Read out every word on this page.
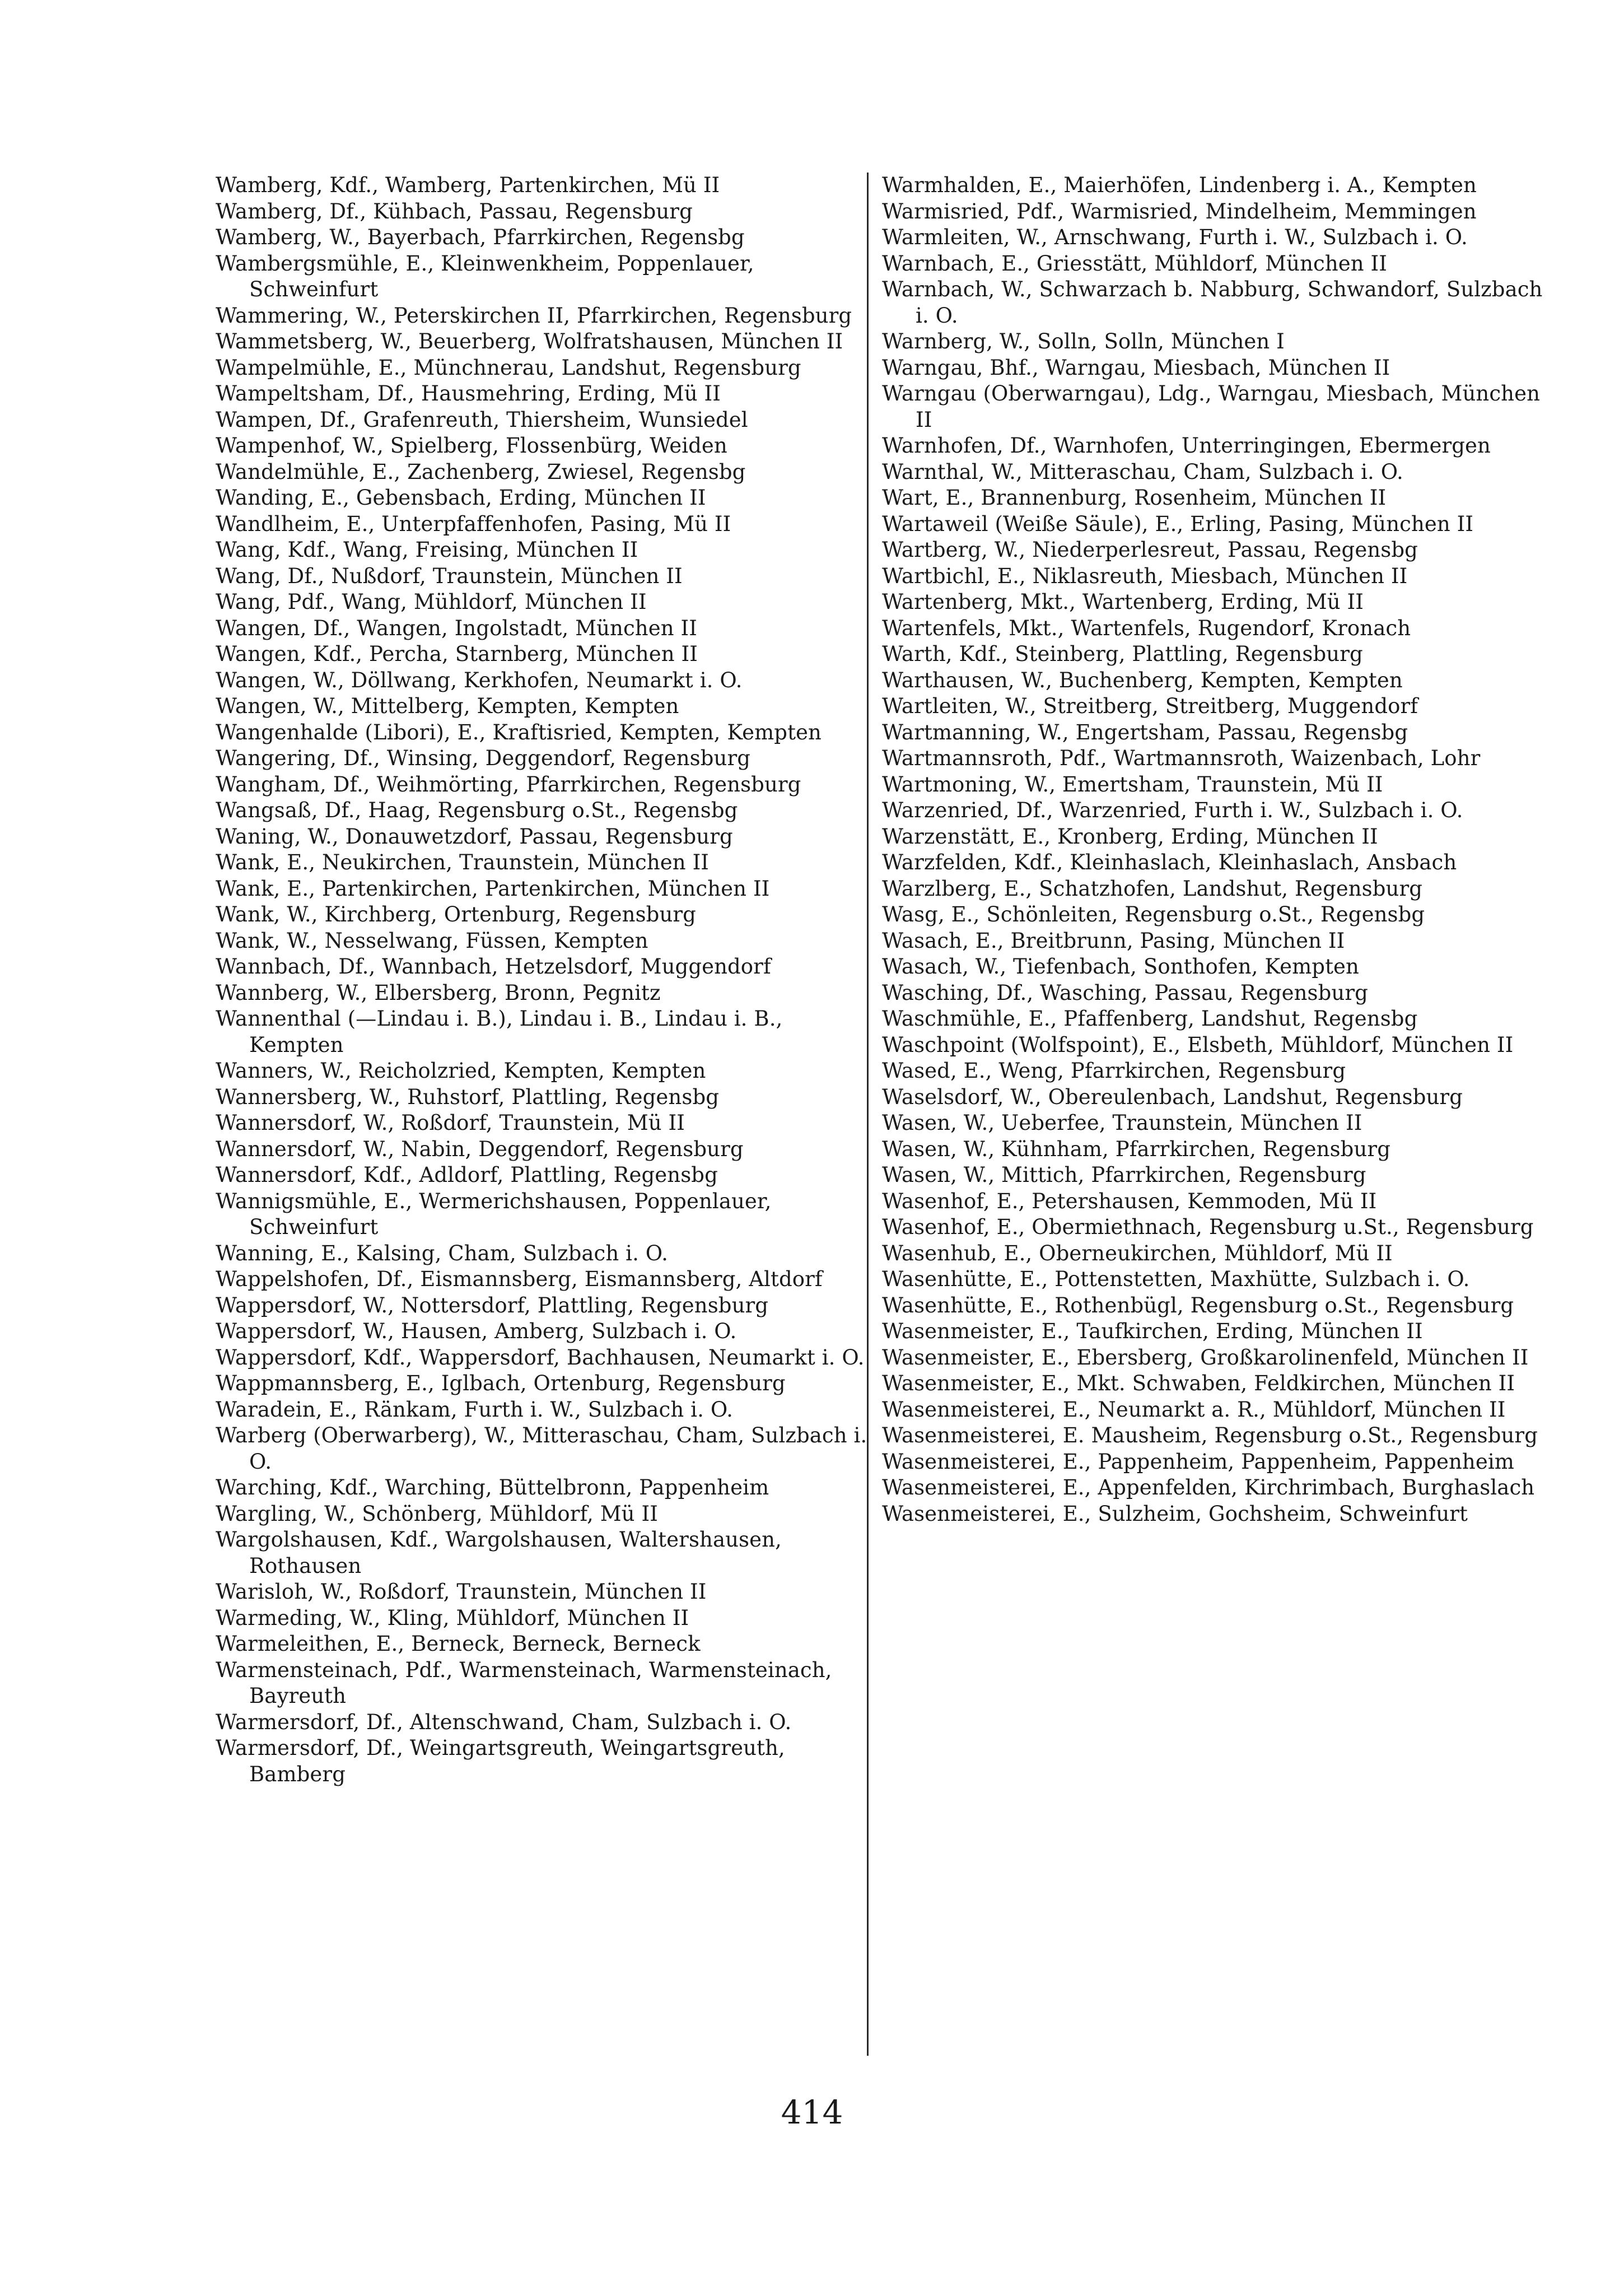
Wamberg, Kdf., Wamberg, Partenkirchen, Mü II

Wamberg, Df., Kühbach, Passau, Regensburg

Wamberg, W., Bayerbach, Pfarrkirchen, Regensbg

Wambergsmühle, E., Kleinwenkheim, Poppenlauer, Schweinfurt

Wammering, W., Peterskirchen II, Pfarrkirchen, Regensburg

Wammetsberg, W., Beuerberg, Wolfratshausen, München II

Wampelmühle, E., Münchnerau, Landshut, Regensburg

Wampeltsham, Df., Hausmehring, Erding, Mü II

Wampen, Df., Grafenreuth, Thiersheim, Wunsiedel

Wampenhof, W., Spielberg, Flossenbürg, Weiden

Wandelmühle, E., Zachenberg, Zwiesel, Regensbg

Wanding, E., Gebensbach, Erding, München II

Wandlheim, E., Unterpfaffenhofen, Pasing, Mü II

Wang, Kdf., Wang, Freising, München II

Wang, Df., Nußdorf, Traunstein, München II

Wang, Pdf., Wang, Mühldorf, München II

Wangen, Df., Wangen, Ingolstadt, München II

Wangen, Kdf., Percha, Starnberg, München II

Wangen, W., Döllwang, Kerkhofen, Neumarkt i. O.

Wangen, W., Mittelberg, Kempten, Kempten

Wangenhalde (Libori), E., Kraftisried, Kempten, Kempten

Wangering, Df., Winsing, Deggendorf, Regensburg

Wangham, Df., Weihmörting, Pfarrkirchen, Regensburg

Wangsaß, Df., Haag, Regensburg o.St., Regensbg

Waning, W., Donauwetzdorf, Passau, Regensburg

Wank, E., Neukirchen, Traunstein, München II

Wank, E., Partenkirchen, Partenkirchen, München II

Wank, W., Kirchberg, Ortenburg, Regensburg

Wank, W., Nesselwang, Füssen, Kempten

Wannbach, Df., Wannbach, Hetzelsdorf, Muggendorf

Wannberg, W., Elbersberg, Bronn, Pegnitz

Wannenthal (—Lindau i. B.), Lindau i. B., Lindau i. B., Kempten

Wanners, W., Reicholzried, Kempten, Kempten

Wannersberg, W., Ruhstorf, Plattling, Regensbg

Wannersdorf, W., Roßdorf, Traunstein, Mü II

Wannersdorf, W., Nabin, Deggendorf, Regensburg

Wannersdorf, Kdf., Adldorf, Plattling, Regensbg

Wannigsmühle, E., Wermerichshausen, Poppenlauer, Schweinfurt

Wanning, E., Kalsing, Cham, Sulzbach i. O.

Wappelshofen, Df., Eismannsberg, Eismannsberg, Altdorf

Wappersdorf, W., Nottersdorf, Plattling, Regensburg

Wappersdorf, W., Hausen, Amberg, Sulzbach i. O.

Wappersdorf, Kdf., Wappersdorf, Bachhausen, Neumarkt i. O.

Wappmannsberg, E., Iglbach, Ortenburg, Regensburg

Waradein, E., Ränkam, Furth i. W., Sulzbach i. O.

Warberg (Oberwarberg), W., Mitteraschau, Cham, Sulzbach i. O.

Warching, Kdf., Warching, Büttelbronn, Pappenheim

Wargling, W., Schönberg, Mühldorf, Mü II

Wargolshausen, Kdf., Wargolshausen, Waltershausen, Rothausen

Warisloh, W., Roßdorf, Traunstein, München II

Warmeding, W., Kling, Mühldorf, München II

Warmeleithen, E., Berneck, Berneck, Berneck

Warmensteinach, Pdf., Warmensteinach, Warmensteinach, Bayreuth

Warmersdorf, Df., Altenschwand, Cham, Sulzbach i. O.

Warmersdorf, Df., Weingartsgreuth, Weingartsgreuth, Bamberg

Warmhalden, E., Maierhöfen, Lindenberg i. A., Kempten

Warmisried, Pdf., Warmisried, Mindelheim, Memmingen

Warmleiten, W., Arnschwang, Furth i. W., Sulzbach i. O.

Warnbach, E., Griesstätt, Mühldorf, München II

Warnbach, W., Schwarzach b. Nabburg, Schwandorf, Sulzbach i. O.

Warnberg, W., Solln, Solln, München I

Warngau, Bhf., Warngau, Miesbach, München II

Warngau (Oberwarngau), Ldg., Warngau, Miesbach, München II

Warnhofen, Df., Warnhofen, Unterringingen, Ebermergen

Warnthal, W., Mitteraschau, Cham, Sulzbach i. O.

Wart, E., Brannenburg, Rosenheim, München II

Wartaweil (Weiße Säule), E., Erling, Pasing, München II

Wartberg, W., Niederperlesreut, Passau, Regensbg

Wartbichl, E., Niklasreuth, Miesbach, München II

Wartenberg, Mkt., Wartenberg, Erding, Mü II

Wartenfels, Mkt., Wartenfels, Rugendorf, Kronach

Warth, Kdf., Steinberg, Plattling, Regensburg

Warthausen, W., Buchenberg, Kempten, Kempten

Wartleiten, W., Streitberg, Streitberg, Muggendorf

Wartmanning, W., Engertsham, Passau, Regensbg

Wartmannsroth, Pdf., Wartmannsroth, Waizenbach, Lohr

Wartmoning, W., Emertsham, Traunstein, Mü II

Warzenried, Df., Warzenried, Furth i. W., Sulzbach i. O.

Warzenstätt, E., Kronberg, Erding, München II

Warzfelden, Kdf., Kleinhaslach, Kleinhaslach, Ansbach

Warzlberg, E., Schatzhofen, Landshut, Regensburg

Wasg, E., Schönleiten, Regensburg o.St., Regensbg

Wasach, E., Breitbrunn, Pasing, München II

Wasach, W., Tiefenbach, Sonthofen, Kempten

Wasching, Df., Wasching, Passau, Regensburg

Waschmühle, E., Pfaffenberg, Landshut, Regensbg

Waschpoint (Wolfspoint), E., Elsbeth, Mühldorf, München II

Wased, E., Weng, Pfarrkirchen, Regensburg

Waselsdorf, W., Obereulenbach, Landshut, Regensburg

Wasen, W., Ueberfee, Traunstein, München II

Wasen, W., Kühnham, Pfarrkirchen, Regensburg

Wasen, W., Mittich, Pfarrkirchen, Regensburg

Wasenhof, E., Petershausen, Kemmoden, Mü II

Wasenhof, E., Obermiethnach, Regensburg u.St., Regensburg

Wasenhub, E., Oberneukirchen, Mühldorf, Mü II

Wasenhütte, E., Pottenstetten, Maxhütte, Sulzbach i. O.

Wasenhütte, E., Rothenbügl, Regensburg o.St., Regensburg

Wasenmeister, E., Taufkirchen, Erding, München II

Wasenmeister, E., Ebersberg, Großkarolinenfeld, München II

Wasenmeister, E., Mkt. Schwaben, Feldkirchen, München II

Wasenmeisterei, E., Neumarkt a. R., Mühldorf, München II

Wasenmeisterei, E. Mausheim, Regensburg o.St., Regensburg

Wasenmeisterei, E., Pappenheim, Pappenheim, Pappenheim

Wasenmeisterei, E., Appenfelden, Kirchrimbach, Burghaslach

Wasenmeisterei, E., Sulzheim, Gochsheim, Schweinfurt

414
